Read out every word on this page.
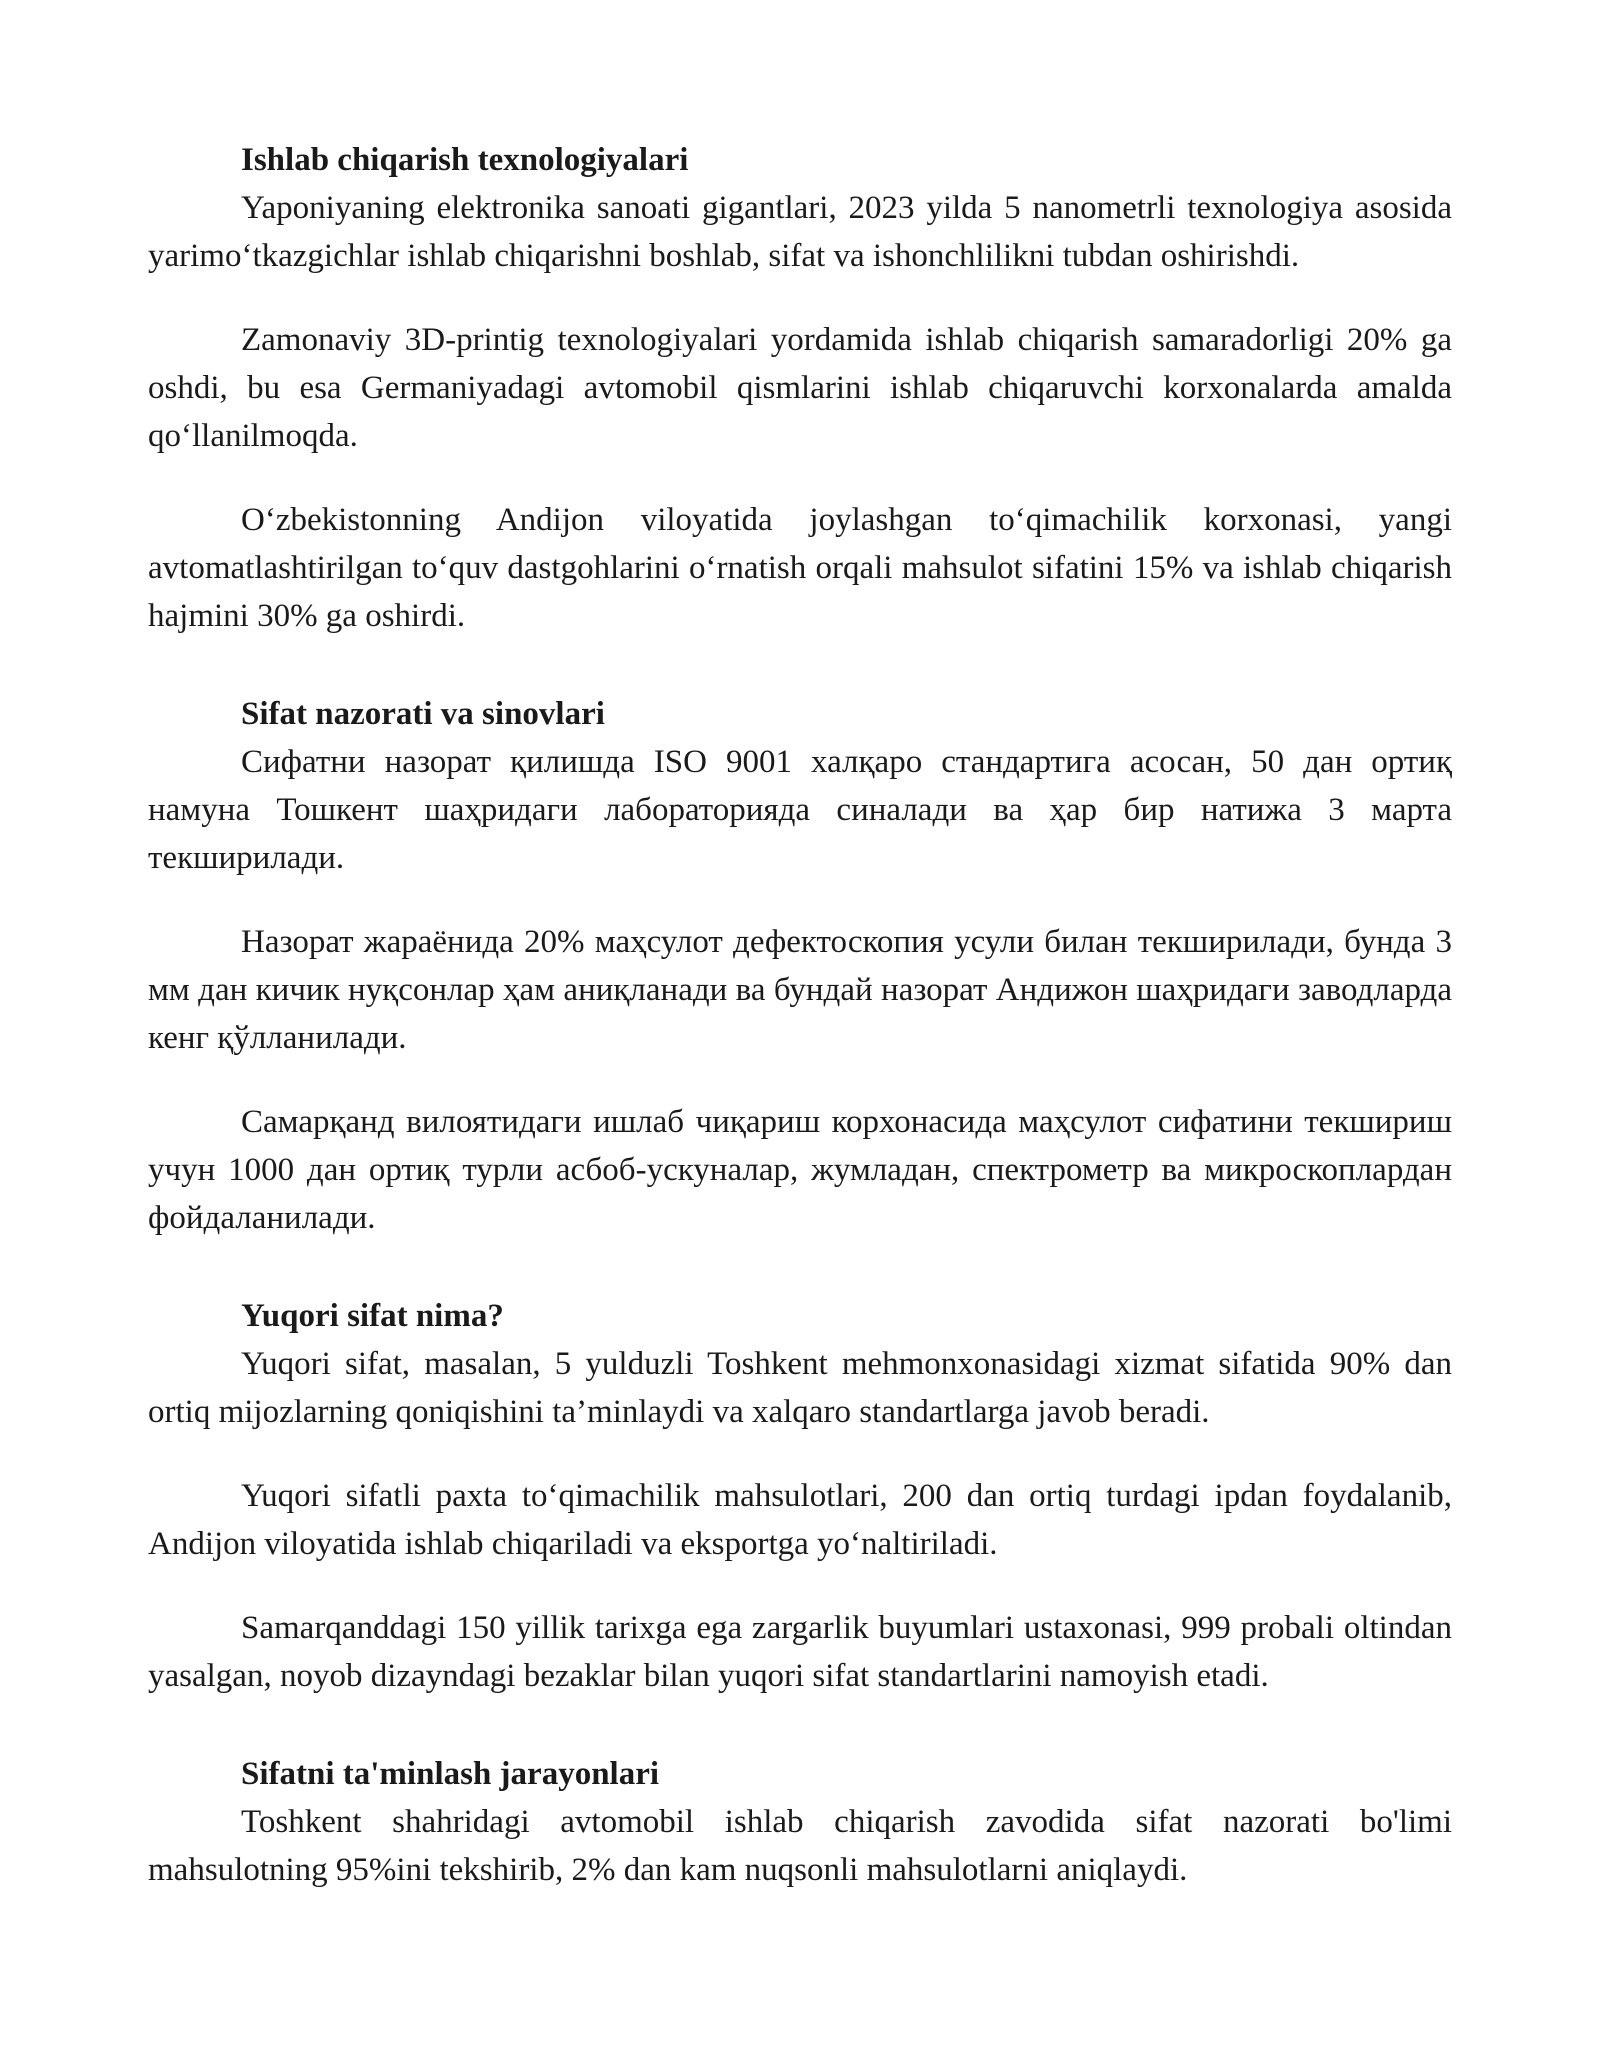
Ishlab chiqarish texnologiyalari

Yaponiyaning elektronika sanoati gigantlari, 2023 yilda 5 nanometrli texnologiya asosida yarimo‘tkazgichlar ishlab chiqarishni boshlab, sifat va ishonchlilikni tubdan oshirishdi.

Zamonaviy 3D-printig texnologiyalari yordamida ishlab chiqarish samaradorligi 20% ga oshdi, bu esa Germaniyadagi avtomobil qismlarini ishlab chiqaruvchi korxonalarda amalda qo‘llanilmoqda.

O‘zbekistonning Andijon viloyatida joylashgan to‘qimachilik korxonasi, yangi avtomatlashtirilgan to‘quv dastgohlarini o‘rnatish orqali mahsulot sifatini 15% va ishlab chiqarish hajmini 30% ga oshirdi.

Sifat nazorati va sinovlari

Сифатни назорат қилишда ISO 9001 халқаро стандартига асосан, 50 дан ортиқ намуна Тошкент шаҳридаги лабораторияда синалади ва ҳар бир натижа 3 марта текширилади.

Назорат жараёнида 20% маҳсулот дефектоскопия усули билан текширилади, бунда 3 мм дан кичик нуқсонлар ҳам аниқланади ва бундай назорат Андижон шаҳридаги заводларда кенг қўлланилади.

Самарқанд вилоятидаги ишлаб чиқариш корхонасида маҳсулот сифатини текшириш учун 1000 дан ортиқ турли асбоб-ускуналар, жумладан, спектрометр ва микроскоплардан фойдаланилади.

Yuqori sifat nima?

Yuqori sifat, masalan, 5 yulduzli Toshkent mehmonxonasidagi xizmat sifatida 90% dan ortiq mijozlarning qoniqishini ta’minlaydi va xalqaro standartlarga javob beradi.

Yuqori sifatli paxta to‘qimachilik mahsulotlari, 200 dan ortiq turdagi ipdan foydalanib, Andijon viloyatida ishlab chiqariladi va eksportga yo‘naltiriladi.

Samarqanddagi 150 yillik tarixga ega zargarlik buyumlari ustaxonasi, 999 probali oltindan yasalgan, noyob dizayndagi bezaklar bilan yuqori sifat standartlarini namoyish etadi.

Sifatni ta'minlash jarayonlari

Toshkent shahridagi avtomobil ishlab chiqarish zavodida sifat nazorati bo'limi mahsulotning 95%ini tekshirib, 2% dan kam nuqsonli mahsulotlarni aniqlaydi.
